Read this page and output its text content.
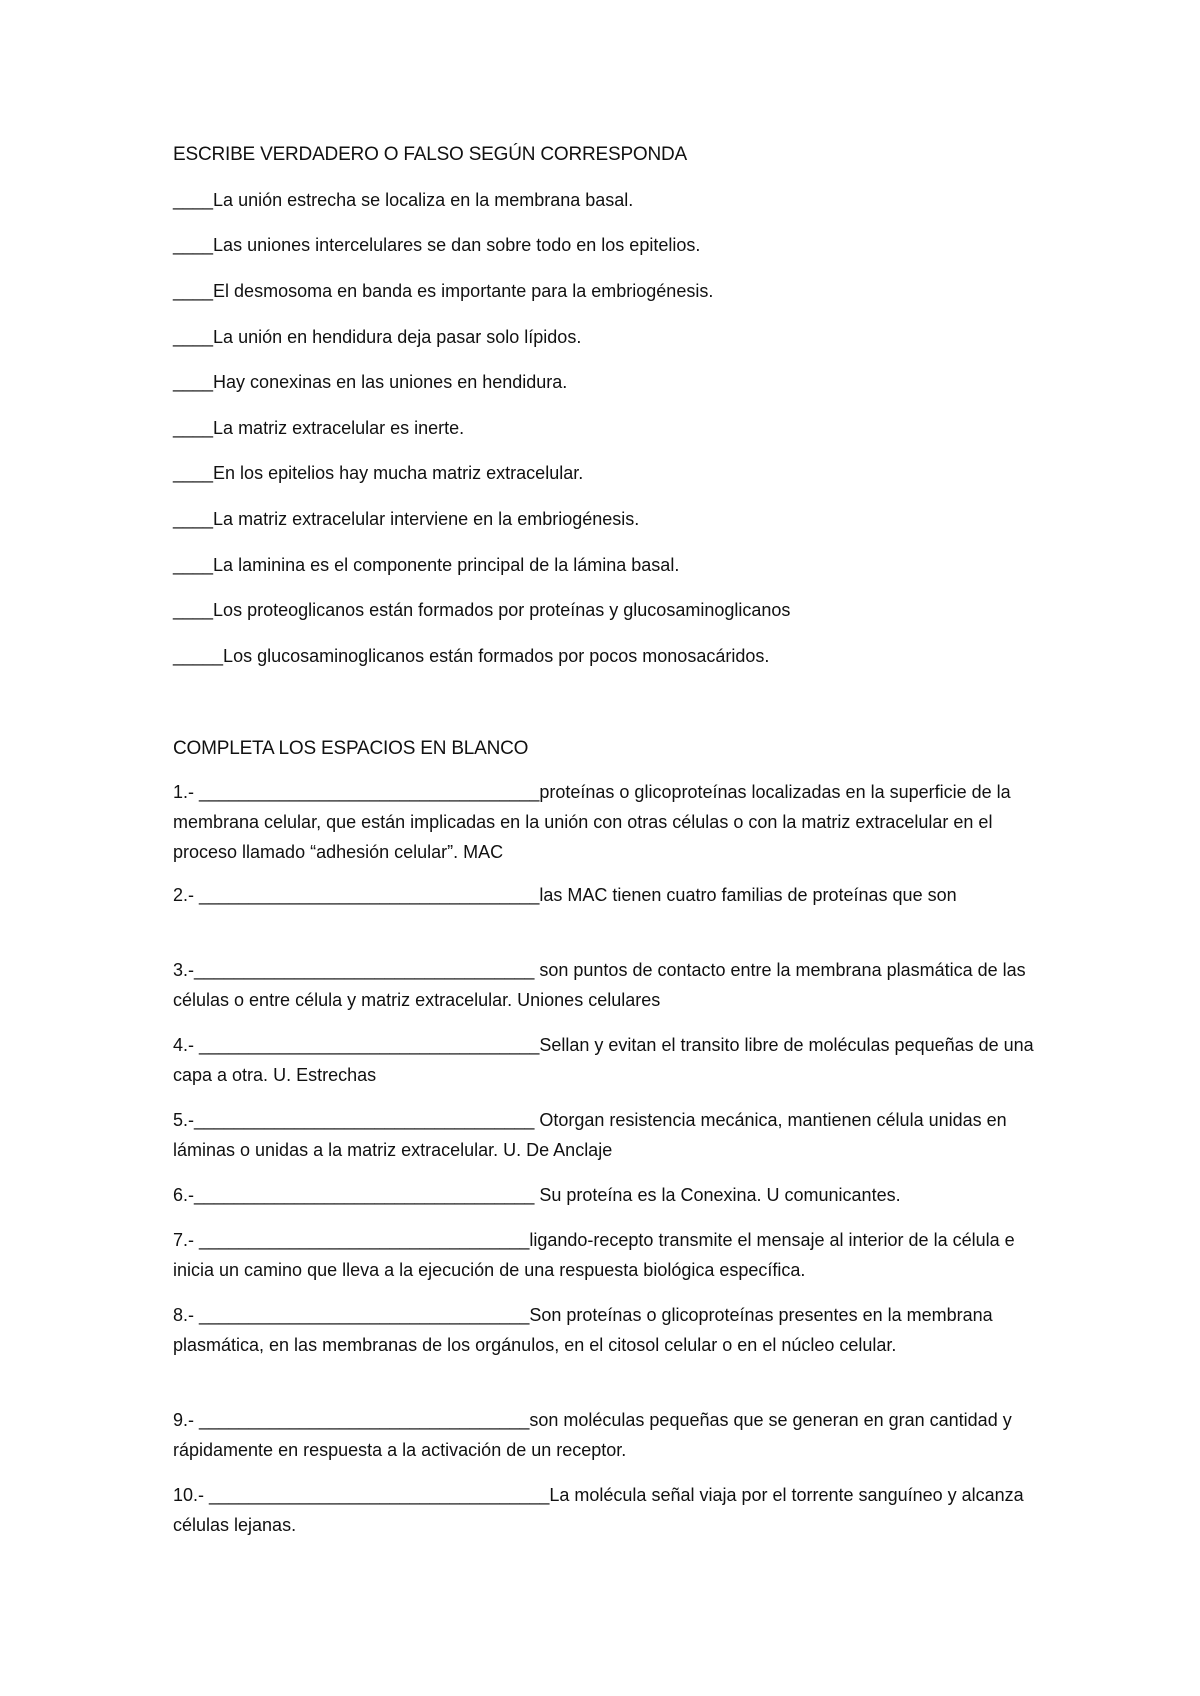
ESCRIBE VERDADERO O FALSO SEGÚN CORRESPONDA

____La unión estrecha se localiza en la membrana basal.

____Las uniones intercelulares se dan sobre todo en los epitelios.

____El desmosoma en banda es importante para la embriogénesis.

____La unión en hendidura deja pasar solo lípidos.

____Hay conexinas en las uniones en hendidura.

____La matriz extracelular es inerte.

____En los epitelios hay mucha matriz extracelular.

____La matriz extracelular interviene en la embriogénesis.

____La laminina es el componente principal de la lámina basal.

____Los proteoglicanos están formados por proteínas y glucosaminoglicanos

_____Los glucosaminoglicanos están formados por pocos monosacáridos.

COMPLETA LOS ESPACIOS EN BLANCO

1.- __________________________________proteínas o glicoproteínas localizadas en la superficie de la membrana celular, que están implicadas en la unión con otras células o con la matriz extracelular en el proceso llamado “adhesión celular”. MAC

2.- __________________________________las MAC tienen cuatro familias de proteínas que son

3.-__________________________________ son puntos de contacto entre la membrana plasmática de las células o entre célula y matriz extracelular. Uniones celulares

4.- __________________________________Sellan y evitan el transito libre de moléculas pequeñas de una capa a otra. U. Estrechas

5.-__________________________________ Otorgan resistencia mecánica, mantienen célula unidas en láminas o unidas a la matriz extracelular. U. De Anclaje

6.-__________________________________ Su proteína es la Conexina. U comunicantes.

7.- _________________________________ligando-recepto transmite el mensaje al interior de la célula e inicia un camino que lleva a la ejecución de una respuesta biológica específica.

8.- _________________________________Son proteínas o glicoproteínas presentes en la membrana plasmática, en las membranas de los orgánulos, en el citosol celular o en el núcleo celular.

9.- _________________________________son moléculas pequeñas que se generan en gran cantidad y rápidamente en respuesta a la activación de un receptor.

10.- __________________________________La molécula señal viaja por el torrente sanguíneo y alcanza células lejanas.
